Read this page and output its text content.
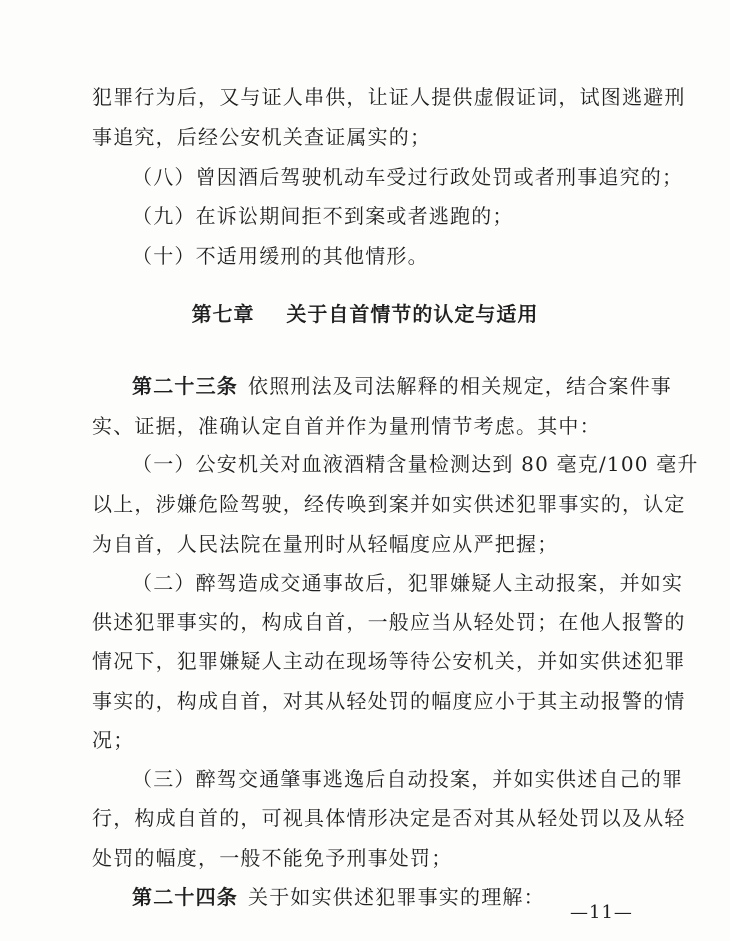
犯罪行为后，又与证人串供，让证人提供虚假证词，试图逃避刑
事追究，后经公安机关查证属实的；
（八）曾因酒后驾驶机动车受过行政处罚或者刑事追究的；
（九）在诉讼期间拒不到案或者逃跑的；
（十）不适用缓刑的其他情形。
第七章    关于自首情节的认定与适用
第二十三条 依照刑法及司法解释的相关规定，结合案件事
实、证据，准确认定自首并作为量刑情节考虑。其中：
（一）公安机关对血液酒精含量检测达到 80 毫克/100 毫升
以上，涉嫌危险驾驶，经传唤到案并如实供述犯罪事实的，认定
为自首，人民法院在量刑时从轻幅度应从严把握；
（二）醉驾造成交通事故后，犯罪嫌疑人主动报案，并如实
供述犯罪事实的，构成自首，一般应当从轻处罚；在他人报警的
情况下，犯罪嫌疑人主动在现场等待公安机关，并如实供述犯罪
事实的，构成自首，对其从轻处罚的幅度应小于其主动报警的情
况；
（三）醉驾交通肇事逃逸后自动投案，并如实供述自己的罪
行，构成自首的，可视具体情形决定是否对其从轻处罚以及从轻
处罚的幅度，一般不能免予刑事处罚；
第二十四条 关于如实供述犯罪事实的理解：
—11—
